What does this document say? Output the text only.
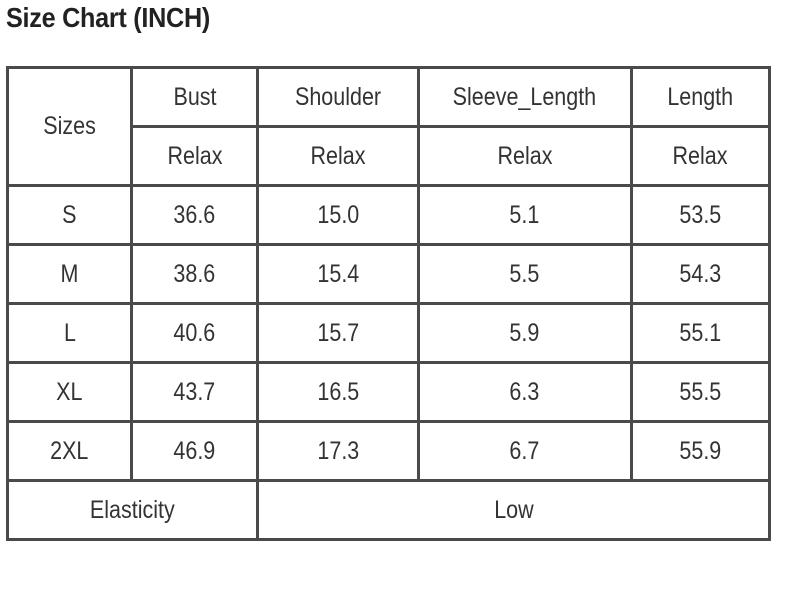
Size Chart (INCH)
Sizes	Bust	Shoulder	Sleeve_Length	Length
	Relax	Relax	Relax	Relax
S	36.6	15.0	5.1	53.5
M	38.6	15.4	5.5	54.3
L	40.6	15.7	5.9	55.1
XL	43.7	16.5	6.3	55.5
2XL	46.9	17.3	6.7	55.9
Elasticity		Low		
